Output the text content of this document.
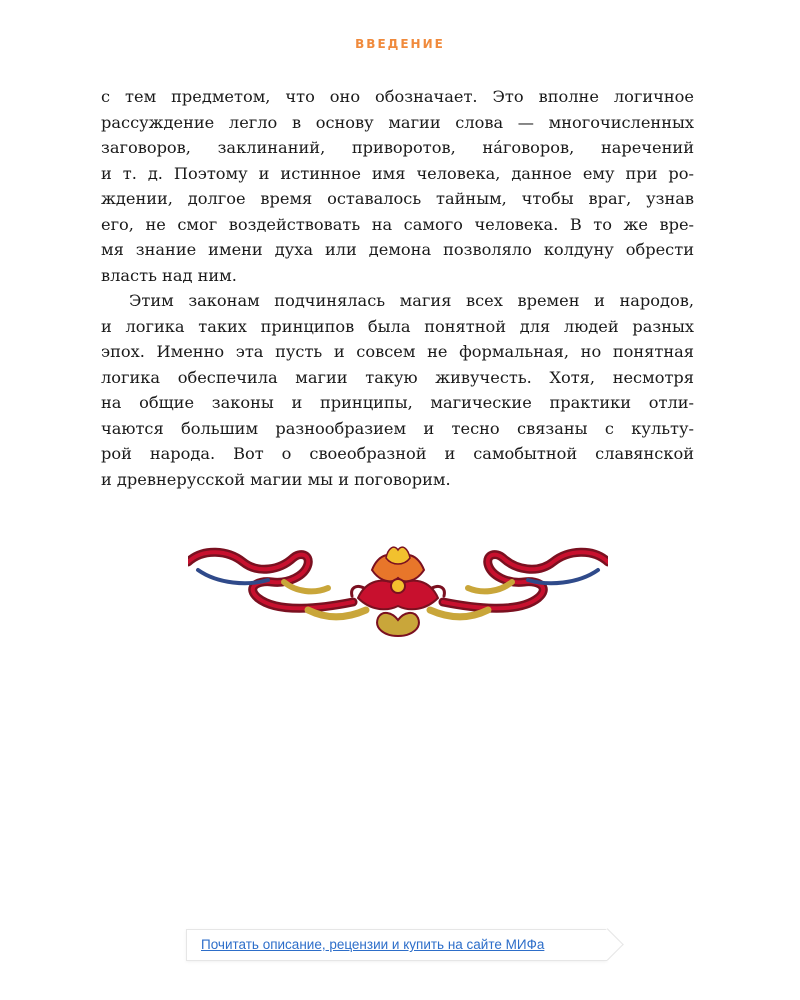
ВВЕДЕНИЕ
с тем предметом, что оно обозначает. Это вполне логичное
рассуждение легло в основу магии слова — многочисленных
заговоров, заклинаний, приворотов, нáговоров, наречений
и т. д. Поэтому и истинное имя человека, данное ему при ро-
ждении, долгое время оставалось тайным, чтобы враг, узнав
его, не смог воздействовать на самого человека. В то же вре-
мя знание имени духа или демона позволяло колдуну обрести
власть над ним.
Этим законам подчинялась магия всех времен и народов,
и логика таких принципов была понятной для людей разных
эпох. Именно эта пусть и совсем не формальная, но понятная
логика обеспечила магии такую живучесть. Хотя, несмотря
на общие законы и принципы, магические практики отли-
чаются большим разнообразием и тесно связаны с культу-
рой народа. Вот о своеобразной и самобытной славянской
и древнерусской магии мы и поговорим.
Почитать описание, рецензии и купить на сайте МИФа
